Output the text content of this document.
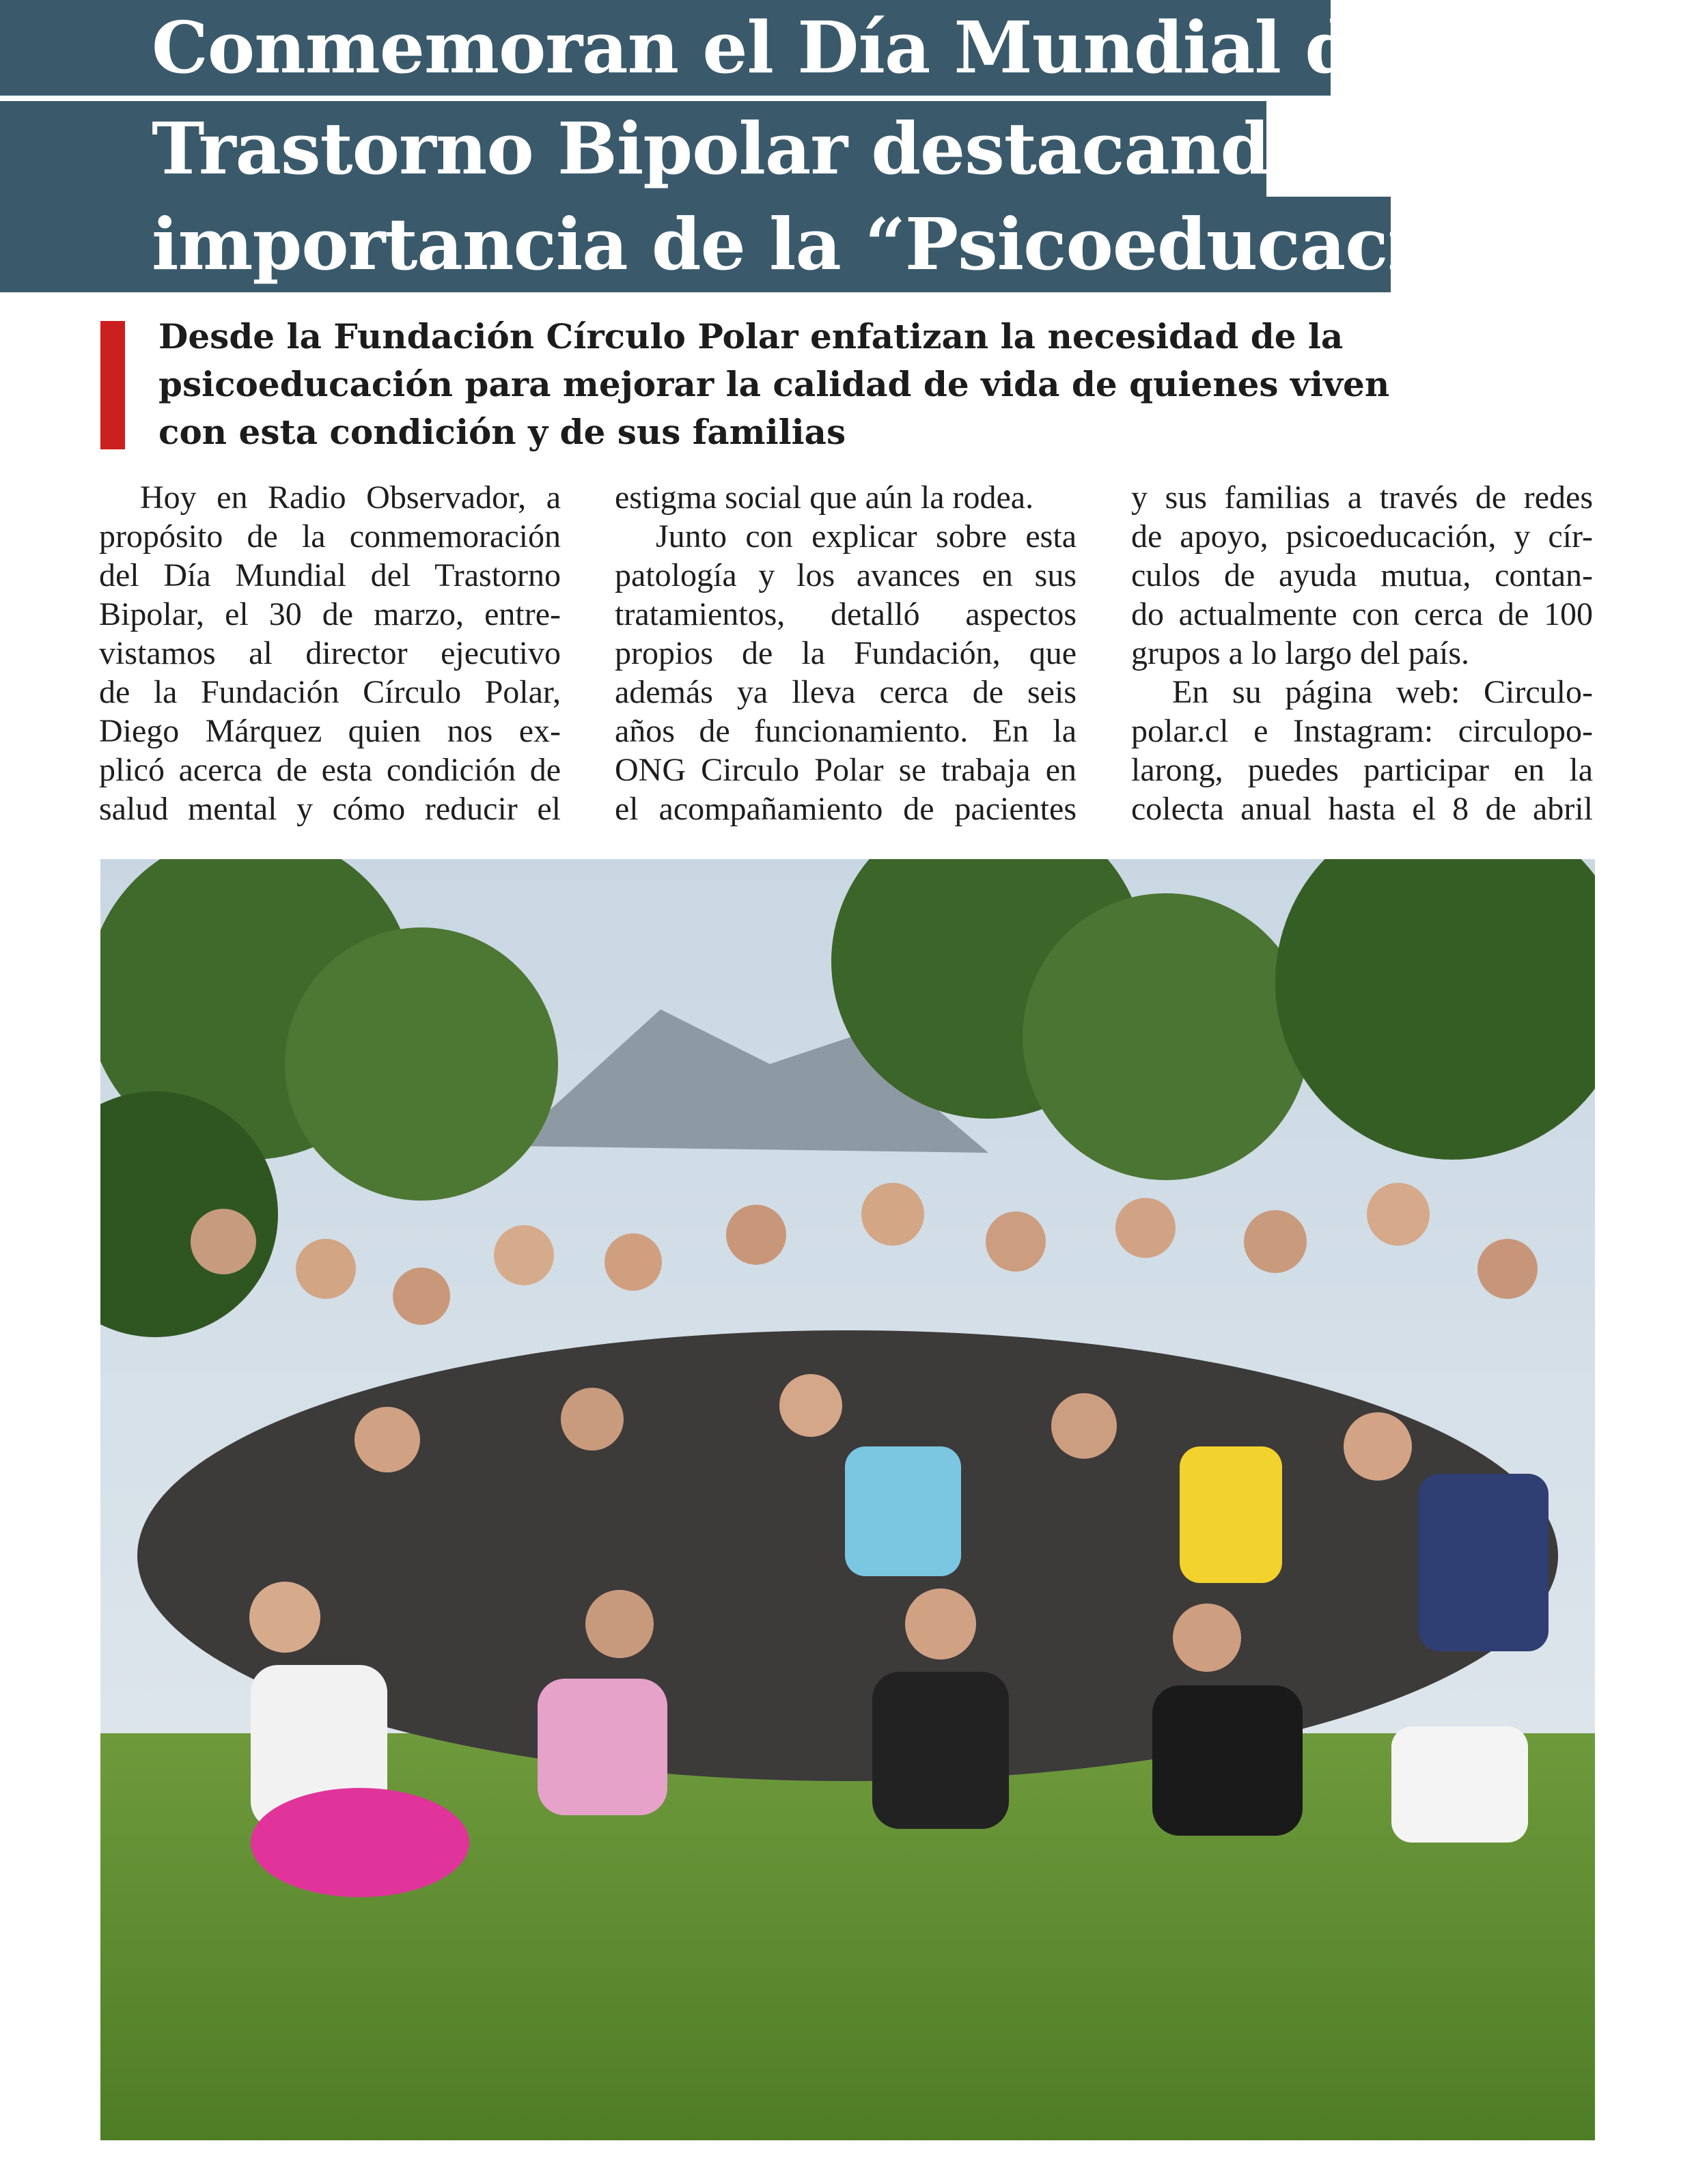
Conmemoran el Día Mundial del
Trastorno Bipolar destacando la
importancia de la “Psicoeducación”
Desde la Fundación Círculo Polar enfatizan la necesidad de la
psicoeducación para mejorar la calidad de vida de quienes viven
con esta condición y de sus familias
Hoy en Radio Observador, a
propósito de la conmemoración
del Día Mundial del Trastorno
Bipolar, el 30 de marzo, entre-
vistamos al director ejecutivo
de la Fundación Círculo Polar,
Diego Márquez quien nos ex-
plicó acerca de esta condición de
salud mental y cómo reducir el
estigma social que aún la rodea.
Junto con explicar sobre esta
patología y los avances en sus
tratamientos, detalló aspectos
propios de la Fundación, que
además ya lleva cerca de seis
años de funcionamiento. En la
ONG Circulo Polar se trabaja en
el acompañamiento de pacientes
y sus familias a través de redes
de apoyo, psicoeducación, y cír-
culos de ayuda mutua, contan-
do actualmente con cerca de 100
grupos a lo largo del país.
En su página web: Circulo-
polar.cl e Instagram: circulopo-
larong, puedes participar en la
colecta anual hasta el 8 de abril
